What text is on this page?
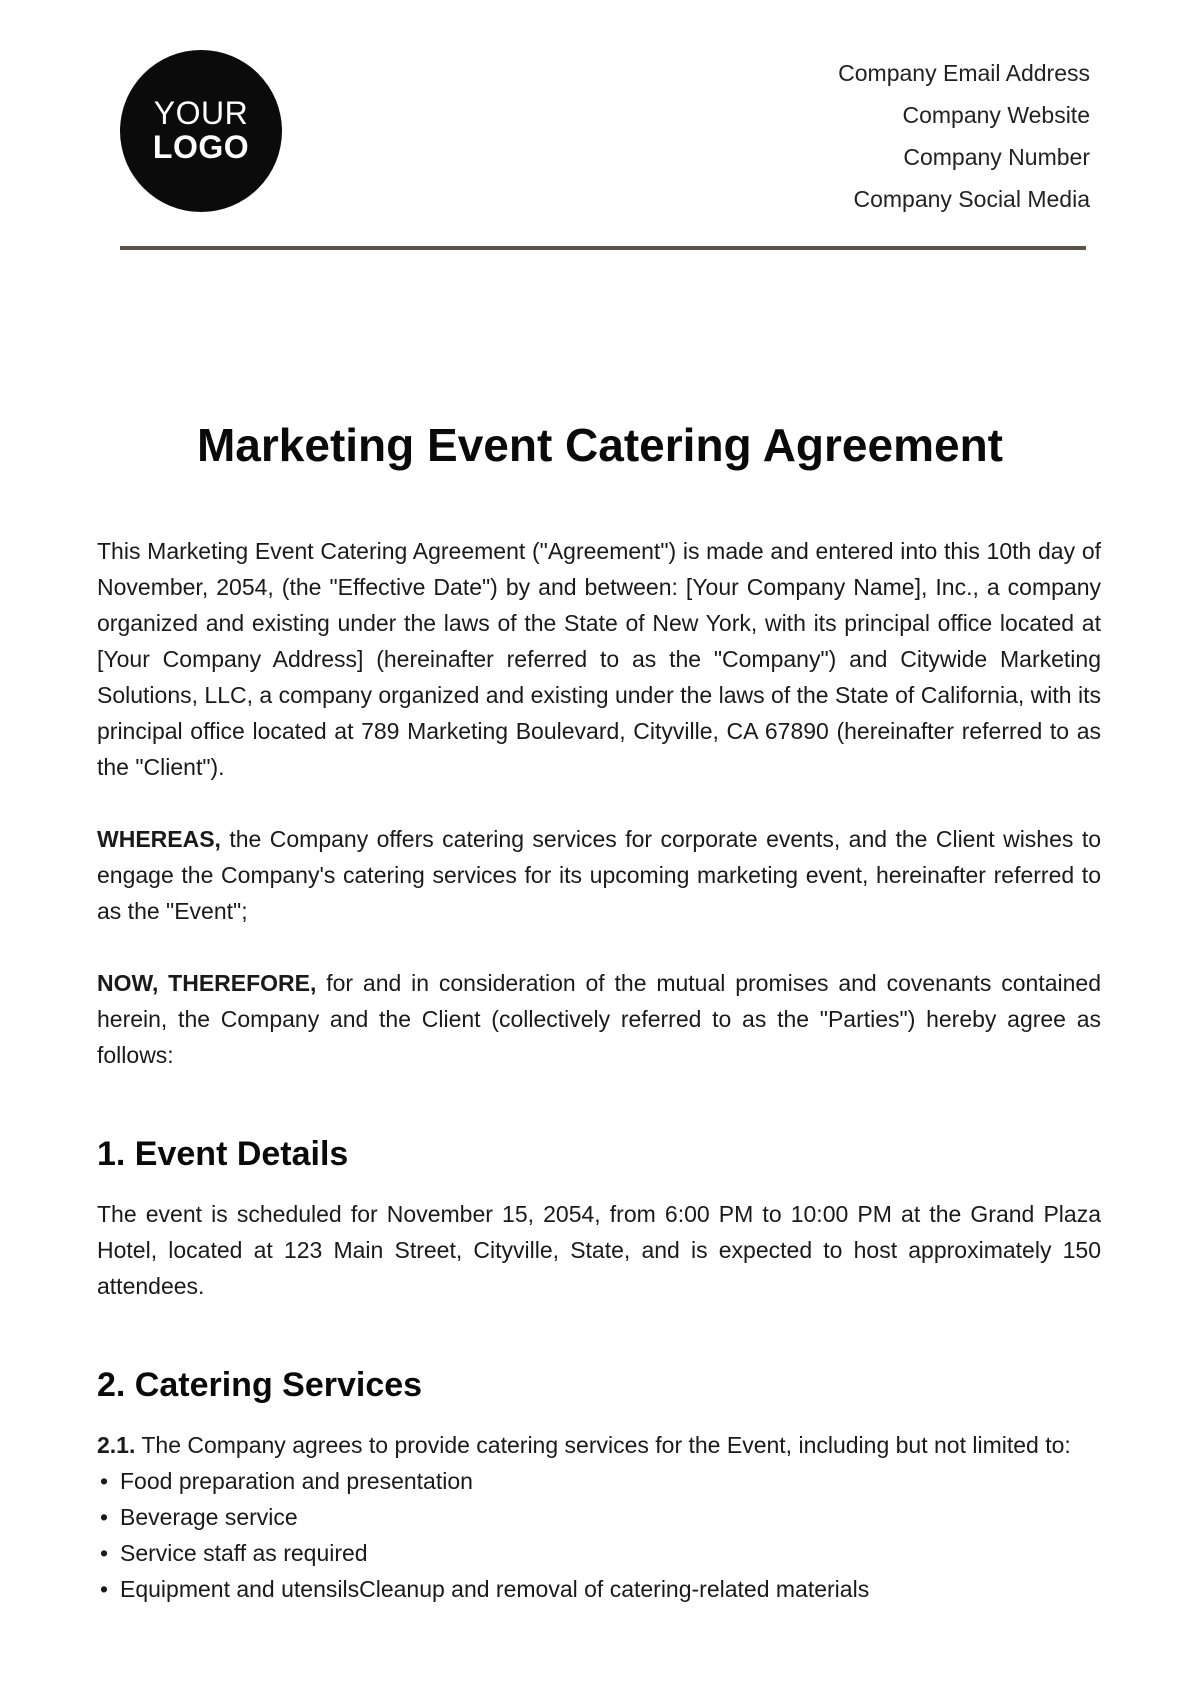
YOUR
LOGO
Company Email Address
Company Website
Company Number
Company Social Media
Marketing Event Catering Agreement

This Marketing Event Catering Agreement ("Agreement") is made and entered into this 10th day of November, 2054, (the "Effective Date") by and between: [Your Company Name], Inc., a company organized and existing under the laws of the State of New York, with its principal office located at [Your Company Address] (hereinafter referred to as the "Company") and Citywide Marketing Solutions, LLC, a company organized and existing under the laws of the State of California, with its principal office located at 789 Marketing Boulevard, Cityville, CA 67890 (hereinafter referred to as the "Client").

WHEREAS, the Company offers catering services for corporate events, and the Client wishes to engage the Company's catering services for its upcoming marketing event, hereinafter referred to as the "Event";

NOW, THEREFORE, for and in consideration of the mutual promises and covenants contained herein, the Company and the Client (collectively referred to as the "Parties") hereby agree as follows:

1. Event Details

The event is scheduled for November 15, 2054, from 6:00 PM to 10:00 PM at the Grand Plaza Hotel, located at 123 Main Street, Cityville, State, and is expected to host approximately 150 attendees.

2. Catering Services

2.1. The Company agrees to provide catering services for the Event, including but not limited to:

• Food preparation and presentation
• Beverage service
• Service staff as required
• Equipment and utensilsCleanup and removal of catering-related materials
